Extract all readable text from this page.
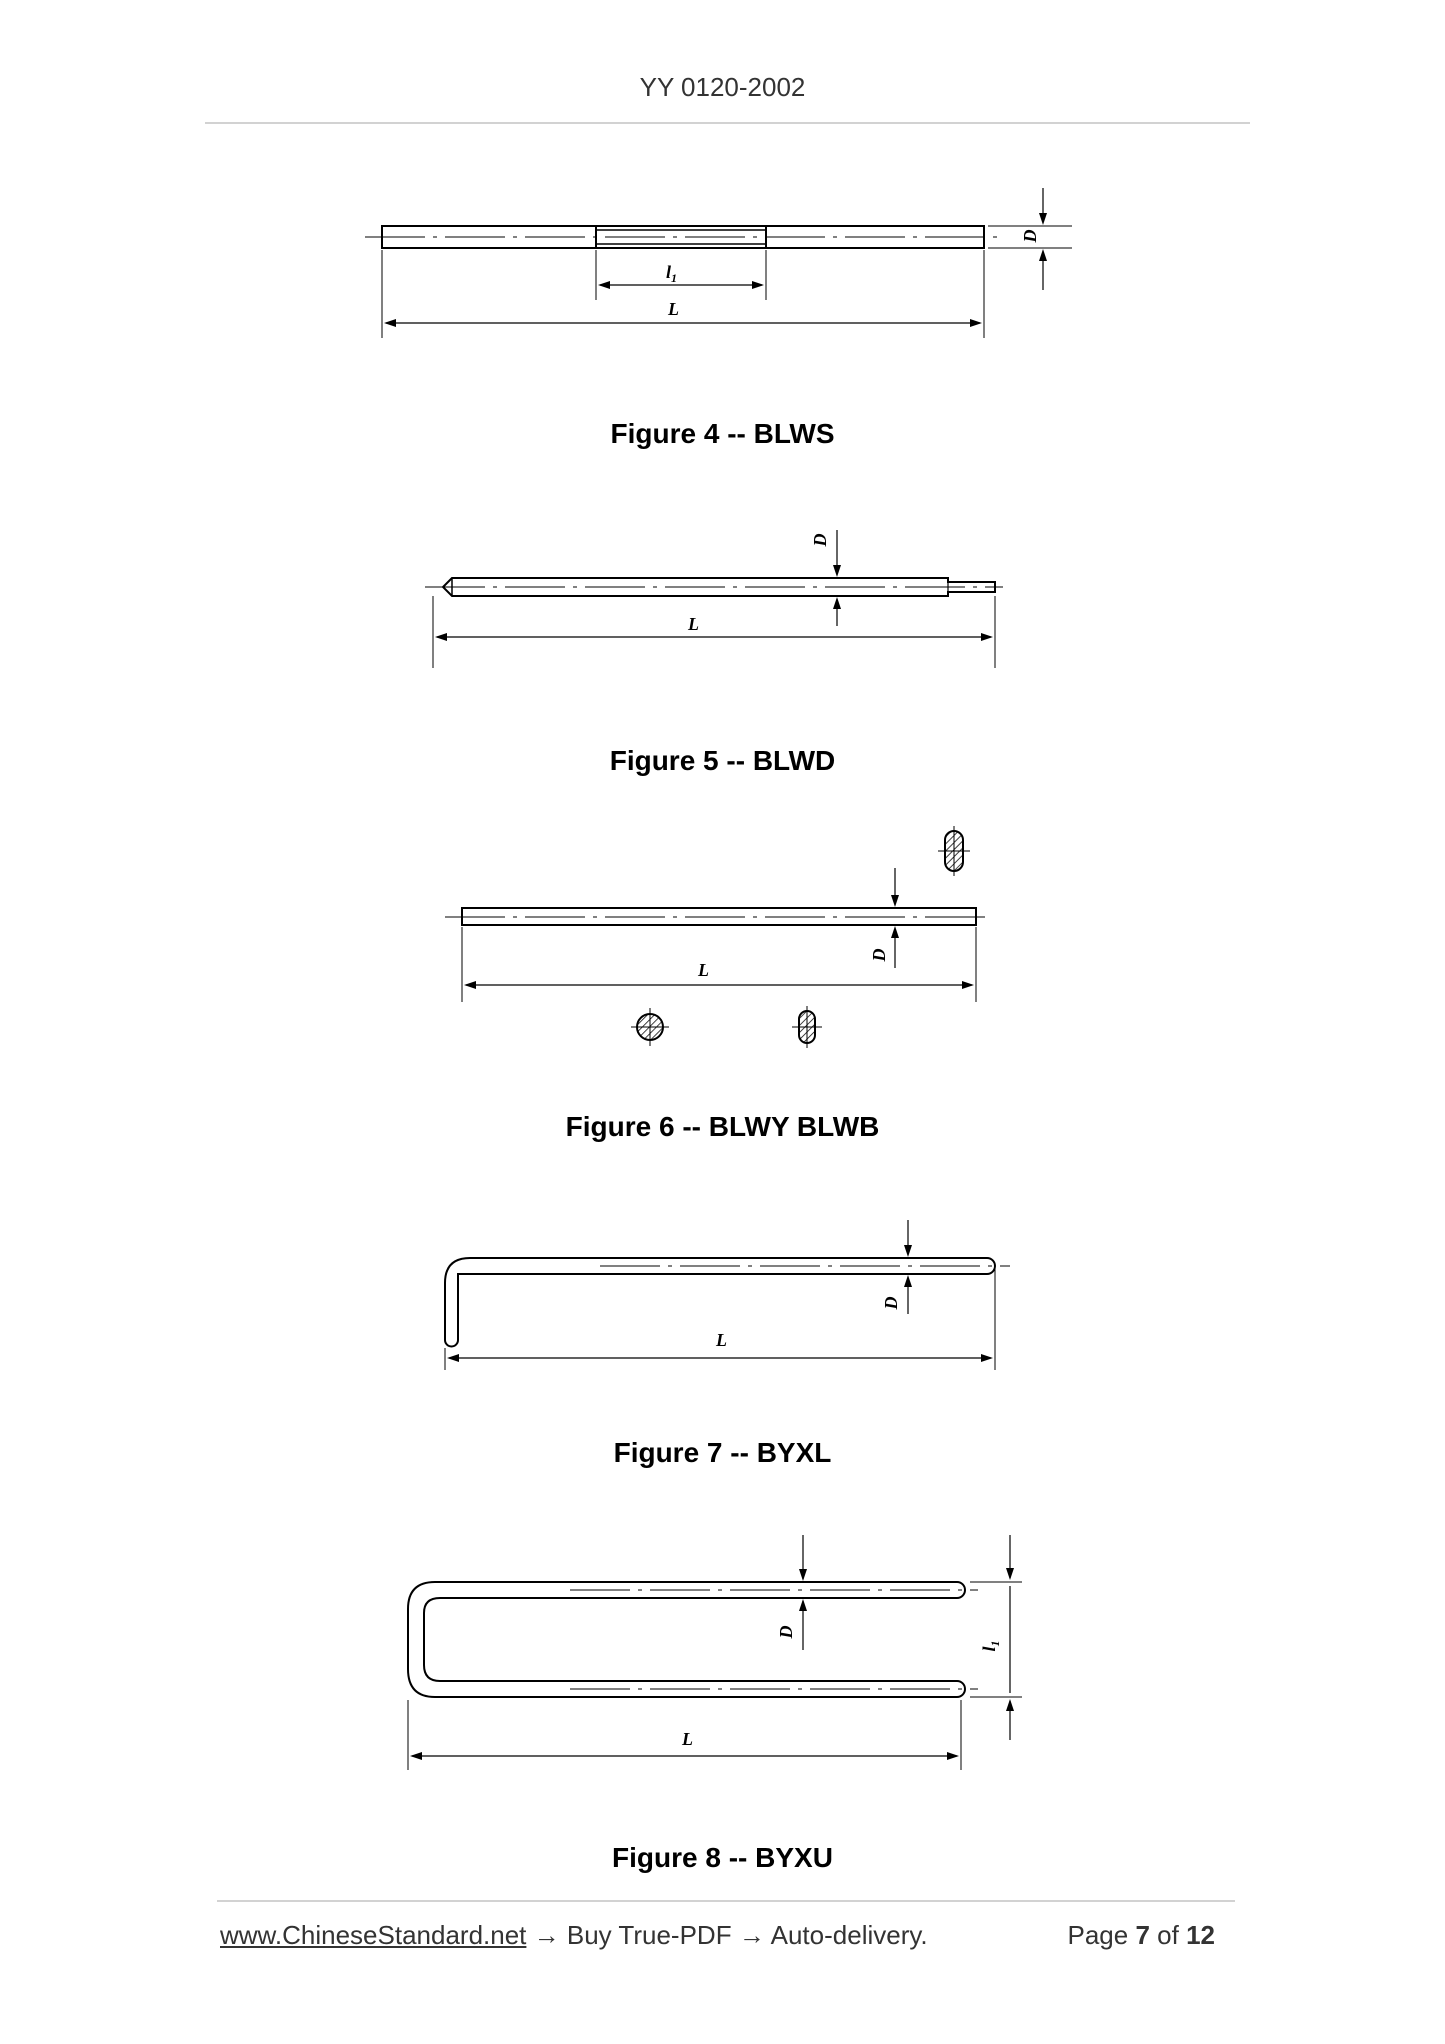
YY 0120-2002
$l_1$
L
D
Figure 4 -- BLWS
L
D
Figure 5 -- BLWD
L
D
Figure 6 -- BLWY BLWB
L
D
Figure 7 -- BYXL
L
D
$l_1$
Figure 8 -- BYXU
www.ChineseStandard.net → Buy True-PDF → Auto-delivery.	Page 7 of 12
